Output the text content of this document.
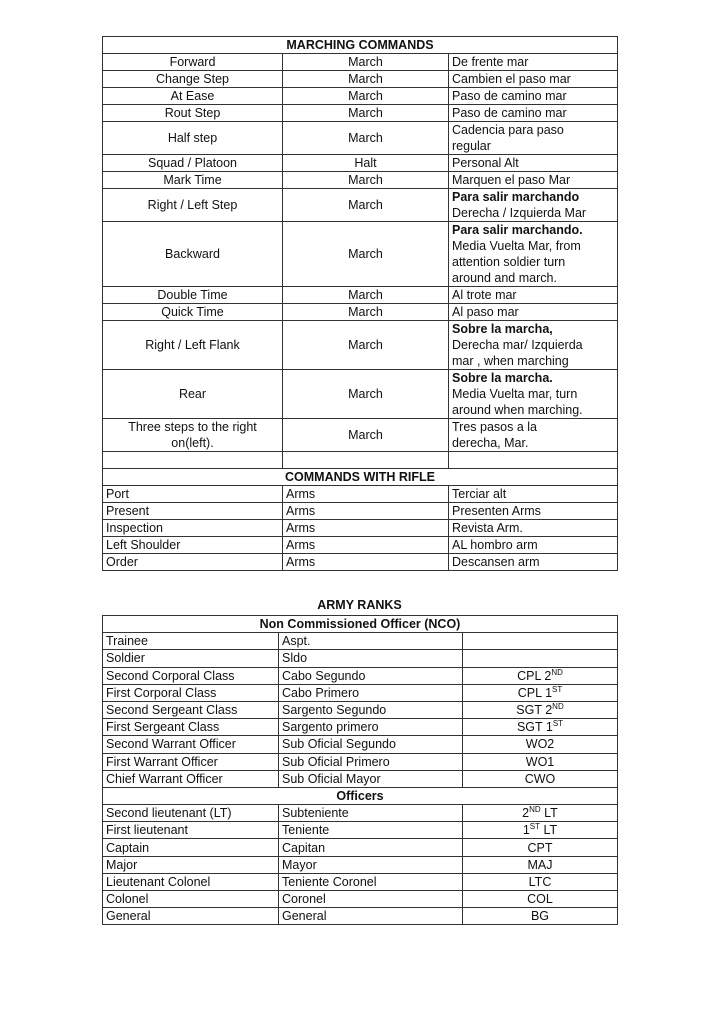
MARCHING COMMANDS		
Forward	March	De frente mar

Change Step	March	Cambien el paso mar

At Ease	March	Paso de camino mar

Rout Step	March	Paso de camino mar

Half step	March	Cadencia para paso
regular

Squad / Platoon	Halt	Personal Alt

Mark Time	March	Marquen el paso Mar

Right / Left Step	March	Para salir marchando
Derecha / Izquierda Mar

Backward	March	Para salir marchando.
Media Vuelta Mar, from
attention soldier turn
around and march.

Double Time	March	Al trote mar

Quick Time	March	Al paso mar

Right / Left Flank	March	Sobre la marcha,
Derecha mar/ Izquierda
mar , when marching

Rear	March	Sobre la marcha.
Media Vuelta mar, turn
around when marching.

Three steps to the right on(left).	March	Tres pasos a la
derecha, Mar.

COMMANDS WITH RIFLE		
Port	Arms	Terciar alt
Present	Arms	Presenten Arms
Inspection	Arms	Revista Arm.
Left Shoulder	Arms	AL hombro arm
Order	Arms	Descansen arm
ARMY RANKS
Non Commissioned Officer (NCO)		
Trainee	Aspt.	
Soldier	Sldo	
Second Corporal Class	Cabo Segundo	CPL 2ND
First Corporal Class	Cabo Primero	CPL 1ST
Second Sergeant Class	Sargento Segundo	SGT 2ND
First Sergeant Class	Sargento primero	SGT 1ST
Second Warrant Officer	Sub Oficial Segundo	WO2
First Warrant Officer	Sub Oficial Primero	WO1
Chief Warrant Officer	Sub Oficial Mayor	CWO
Officers		
Second lieutenant (LT)	Subteniente	2ND LT
First lieutenant	Teniente	1ST LT
Captain	Capitan	CPT
Major	Mayor	MAJ
Lieutenant Colonel	Teniente Coronel	LTC
Colonel	Coronel	COL
General	General	BG
